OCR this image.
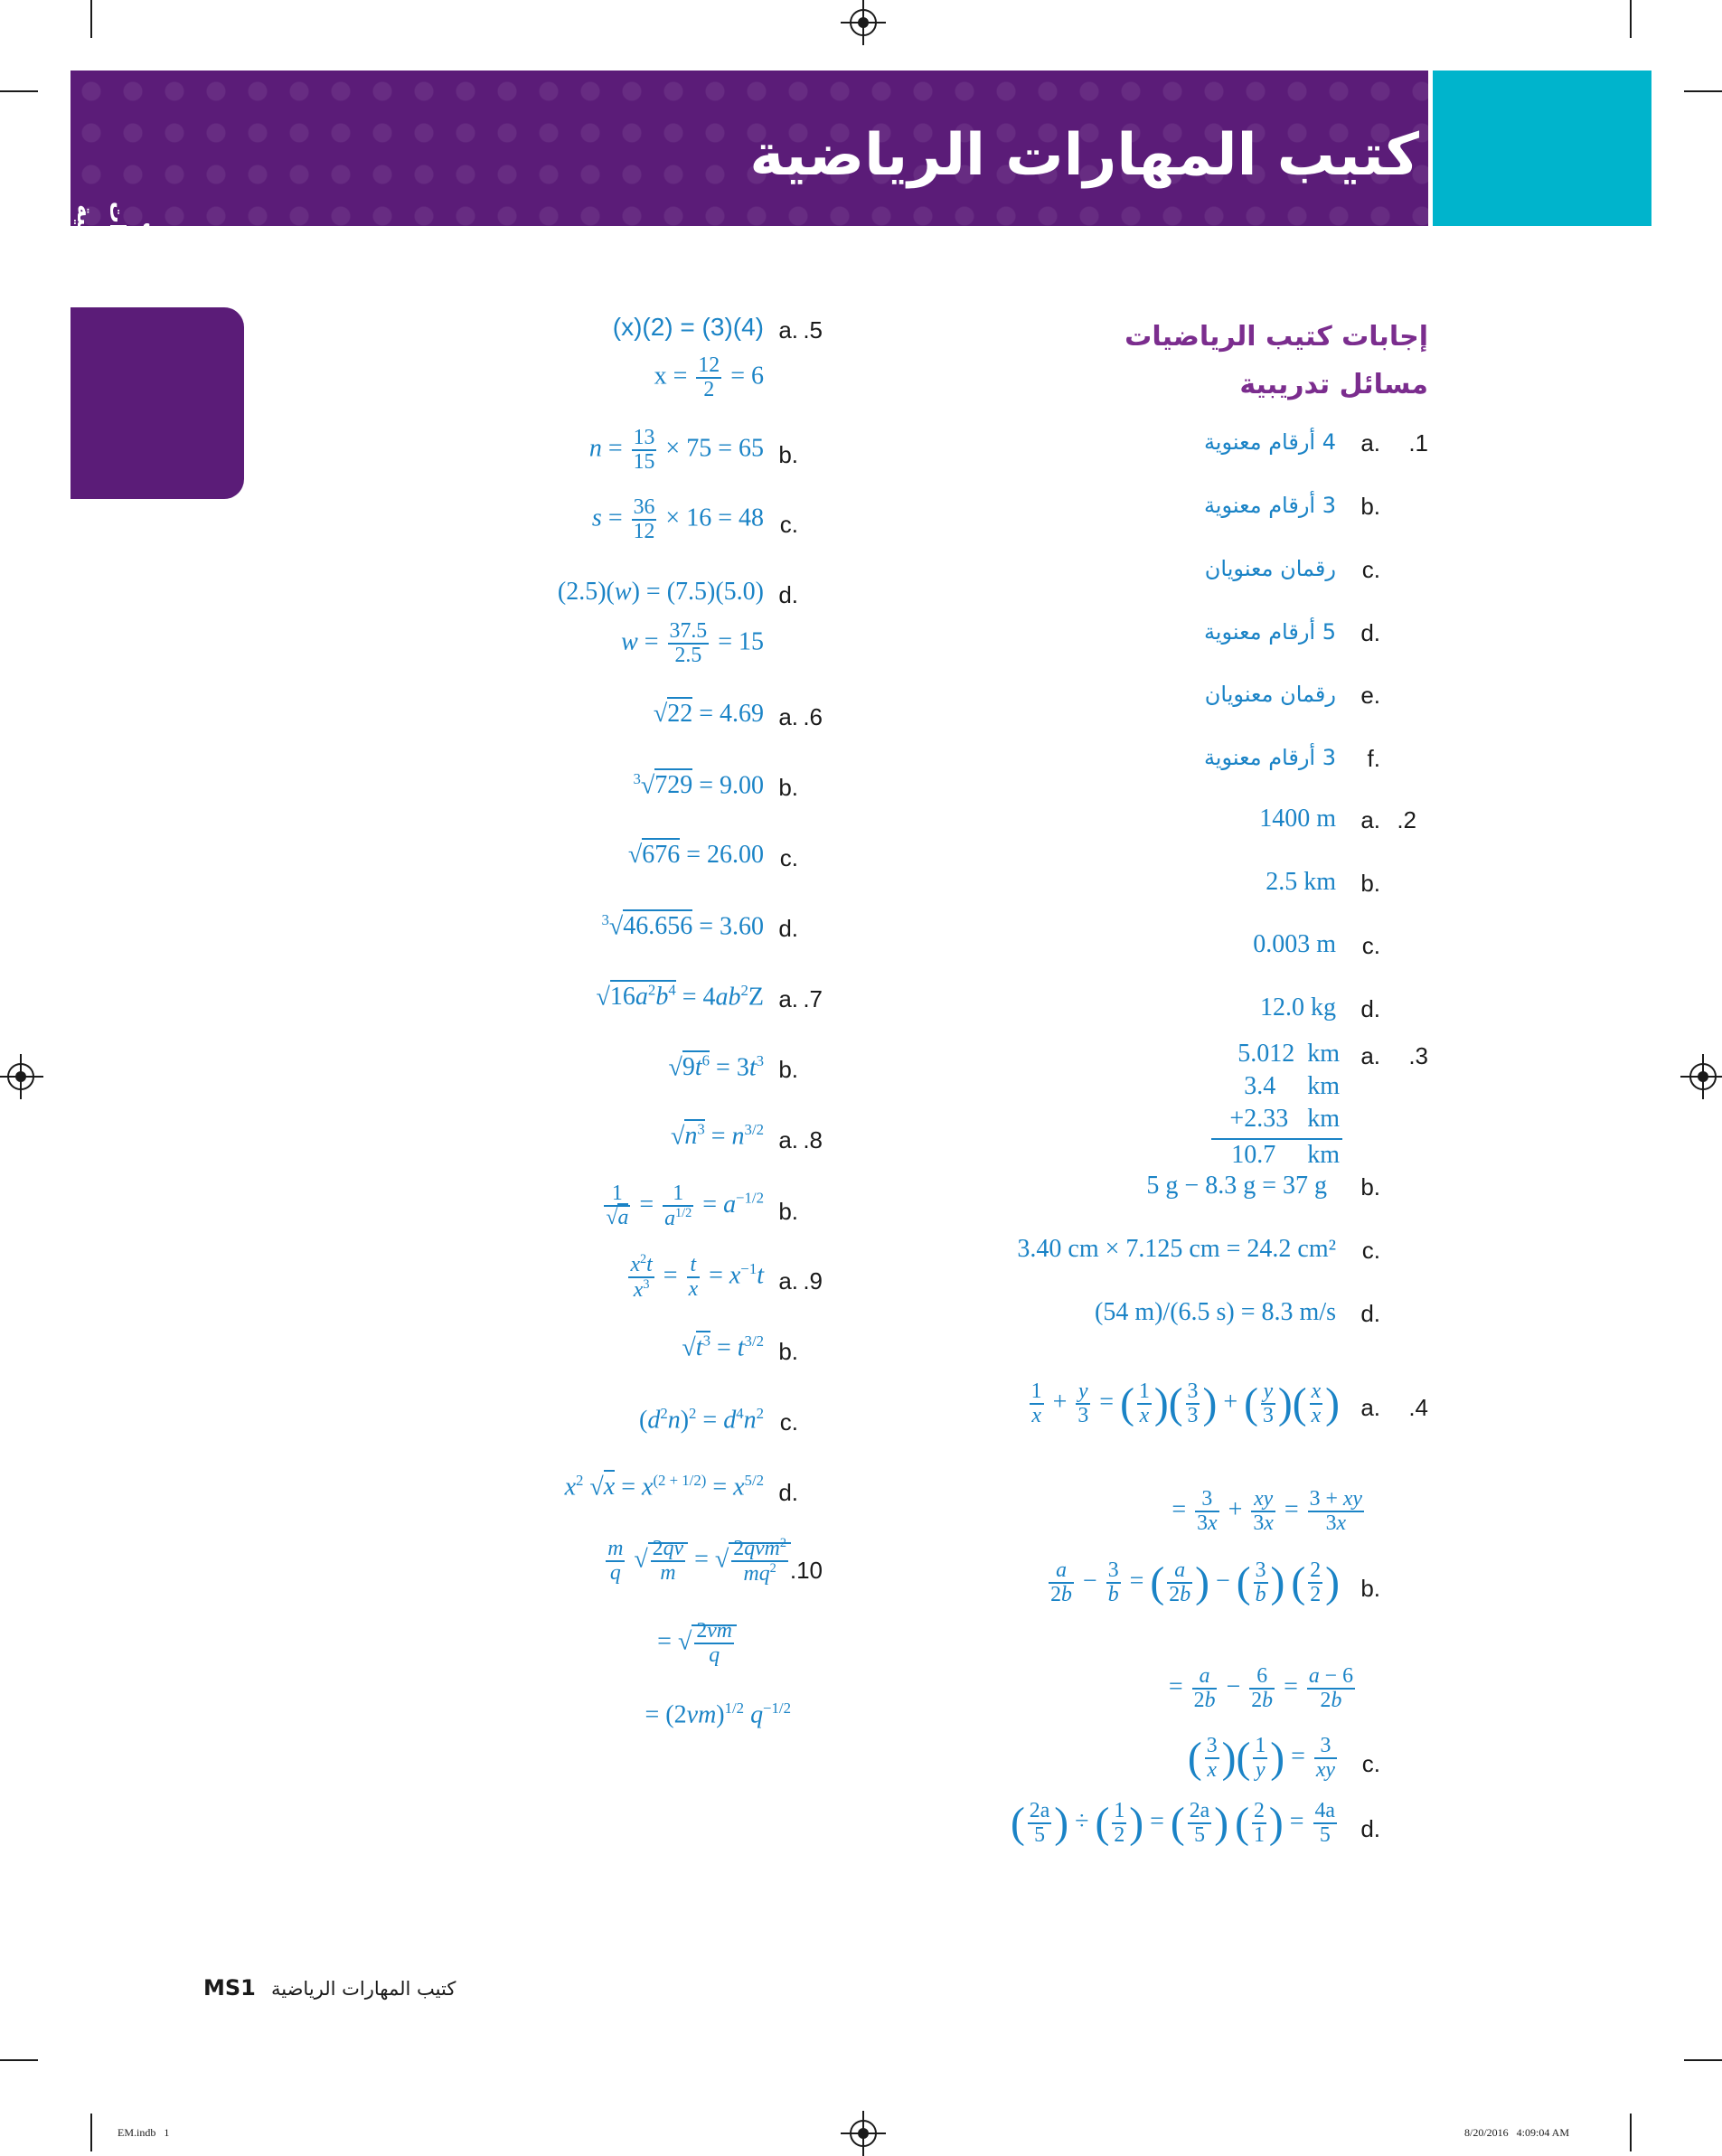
كتيب المهارات الرياضية
كتيب المهارات
الرياضية
إجابات كتيب الرياضيات
مسائل تدريبية
.1
a.
4 أرقام معنوية
b.
3 أرقام معنوية
c.
رقمان معنويان
d.
5 أرقام معنوية
e.
رقمان معنويان
f.
3 أرقام معنوية
.2
a.
1400 m
b.
2.5 km
c.
0.003 m
d.
12.0 kg
.3
a.
5.012  km
3.4     km
+2.33   km
10.7     km
b.
5 g − 8.3 g = 37 g
c.
3.40 cm × 7.125 cm = 24.2 cm²
d.
(54 m)/(6.5 s) = 8.3 m/s
.4
a.
$\frac{1}{x} + \frac{y}{3}$ = ( $\frac{1}{x}$ )( $\frac{3}{3}$ ) + ( $\frac{y}{3}$ )( $\frac{x}{x}$ )
= $\frac{3}{3x} + \frac{xy}{3x} = \frac{3 + xy}{3x}$
b.
$\frac{a}{2b} - \frac{3}{b}$ = ( $\frac{a}{2b}$ ) − ( $\frac{3}{b}$ ) ( $\frac{2}{2}$ )
= $\frac{a}{2b} - \frac{6}{2b} = \frac{a - 6}{2b}$
c.
( $\frac{3}{x}$ )( $\frac{1}{y}$ ) = $\frac{3}{xy}$
d.
( $\frac{2a}{5}$ ) ÷ ( $\frac{1}{2}$ ) = ( $\frac{2a}{5}$ ) ( $\frac{2}{1}$ ) = $\frac{4a}{5}$
.5
a.
(x)(2) = (3)(4)
$x = \frac{12}{2} = 6$
b.
$n = \frac{13}{15} \times 75 = 65$
c.
$s = \frac{36}{12} \times 16 = 48$
d.
(2.5)(w) = (7.5)(5.0)
$w = \frac{37.5}{2.5} = 15$
.6
a.
√22 = 4.69
b.
$^3$√729 = 9.00
c.
√676 = 26.00
d.
$^3$√46.656 = 3.60
.7
a.
$√16a^2b^4 = 4ab^2Z$
b.
$√9t^6 = 3t^3$
.8
a.
$√n^3 = n^{3/2}$
b.
$\frac{1}{√a} = \frac{1}{a^{1/2}} = a^{-1/2}$
.9
a.
$\frac{x^2t}{x^3} = \frac{t}{x} = x^{-1}t$
b.
$√t^3 = t^{3/2}$
c.
$(d^2n)^2 = d^4n^2$
d.
$x^2$ $√x = x^{(2 + 1/2)} = x^{5/2}$
.10
$\frac{m}{q}$ √ $\frac{2qv}{m}$ = √ $\frac{2qvm^2}{mq^2}$
= √ $\frac{2vm}{q}$
= $(2vm)^{1/2}$ $q^{-1/2}$
MS1 كتيب المهارات الرياضية
EM.indb   1	8/20/2016   4:09:04 AM
